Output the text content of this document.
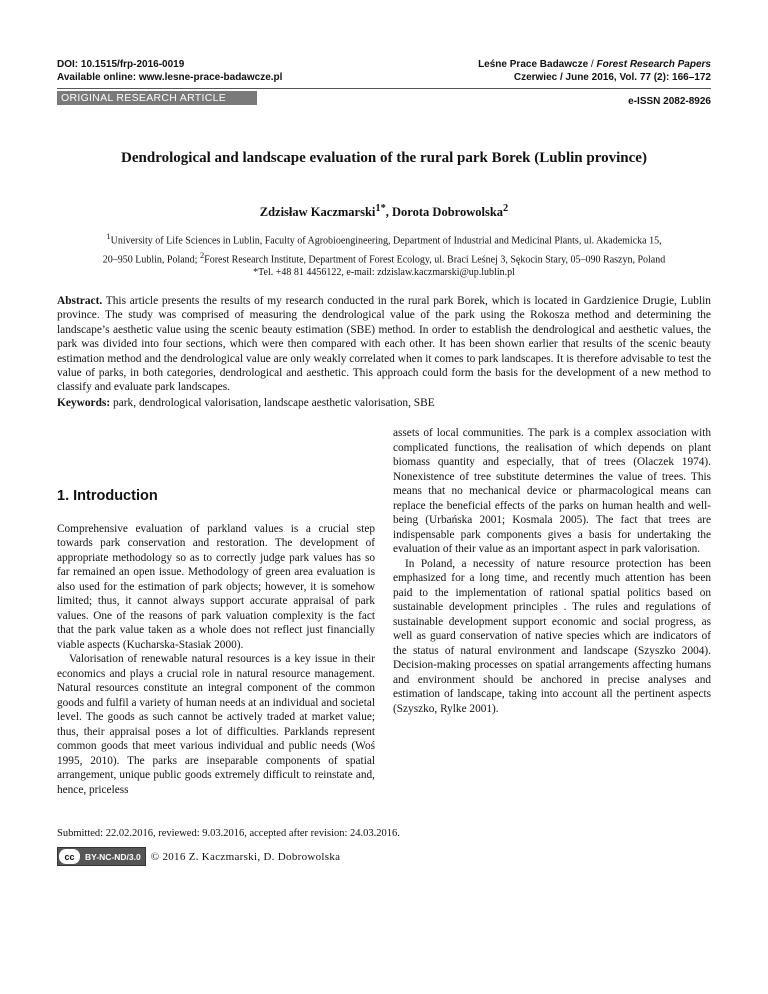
DOI: 10.1515/frp-2016-0019
Available online: www.lesne-prace-badawcze.pl
Leśne Prace Badawcze / Forest Research Papers
Czerwiec / June 2016, Vol. 77 (2): 166–172
ORIGINAL RESEARCH ARTICLE	e-ISSN 2082-8926
Dendrological and landscape evaluation of the rural park Borek (Lublin province)
Zdzisław Kaczmarski$^{1*}$, Dorota Dobrowolska$^2$
$^1$University of Life Sciences in Lublin, Faculty of Agrobioengineering, Department of Industrial and Medicinal Plants, ul. Akademicka 15,
20–950 Lublin, Poland; $^2$Forest Research Institute, Department of Forest Ecology, ul. Braci Leśnej 3, Sękocin Stary, 05–090 Raszyn, Poland
*Tel. +48 81 4456122, e-mail: zdzislaw.kaczmarski@up.lublin.pl

Abstract. This article presents the results of my research conducted in the rural park Borek, which is located in Gardzienice Drugie, Lublin province. The study was comprised of measuring the dendrological value of the park using the Rokosza method and determining the landscape’s aesthetic value using the scenic beauty estimation (SBE) method. In order to establish the dendrological and aesthetic values, the park was divided into four sections, which were then compared with each other. It has been shown earlier that results of the scenic beauty estimation method and the dendrological value are only weakly correlated when it comes to park landscapes. It is therefore advisable to test the value of parks, in both categories, dendrological and aesthetic. This approach could form the basis for the development of a new method to classify and evaluate park landscapes.

Keywords: park, dendrological valorisation, landscape aesthetic valorisation, SBE

1. Introduction

Comprehensive evaluation of parkland values is a crucial step towards park conservation and restoration. The development of appropriate methodology so as to correctly judge park values has so far remained an open issue. Methodology of green area evaluation is also used for the estimation of park objects; however, it is somehow limited; thus, it cannot always support accurate appraisal of park values. One of the reasons of park valuation complexity is the fact that the park value taken as a whole does not reflect just financially viable aspects (Kucharska-Stasiak 2000).

Valorisation of renewable natural resources is a key issue in their economics and plays a crucial role in natural resource management. Natural resources constitute an integral component of the common goods and fulfil a variety of human needs at an individual and societal level. The goods as such cannot be actively traded at market value; thus, their appraisal poses a lot of difficulties. Parklands represent common goods that meet various individual and public needs (Woś 1995, 2010). The parks are inseparable components of spatial arrangement, unique public goods extremely difficult to reinstate and, hence, priceless

assets of local communities. The park is a complex association with complicated functions, the realisation of which depends on plant biomass quantity and especially, that of trees (Olaczek 1974). Nonexistence of tree substitute determines the value of trees. This means that no mechanical device or pharmacological means can replace the beneficial effects of the parks on human health and well-being (Urbańska 2001; Kosmala 2005). The fact that trees are indispensable park components gives a basis for undertaking the evaluation of their value as an important aspect in park valorisation.

In Poland, a necessity of nature resource protection has been emphasized for a long time, and recently much attention has been paid to the implementation of rational spatial politics based on sustainable development principles . The rules and regulations of sustainable development support economic and social progress, as well as guard conservation of native species which are indicators of the status of natural environment and landscape (Szyszko 2004). Decision-making processes on spatial arrangements affecting humans and environment should be anchored in precise analyses and estimation of landscape, taking into account all the pertinent aspects (Szyszko, Rylke 2001).

Submitted: 22.02.2016, reviewed: 9.03.2016, accepted after revision: 24.03.2016.
cc	BY-NC-ND/3.0 © 2016 Z. Kaczmarski, D. Dobrowolska
